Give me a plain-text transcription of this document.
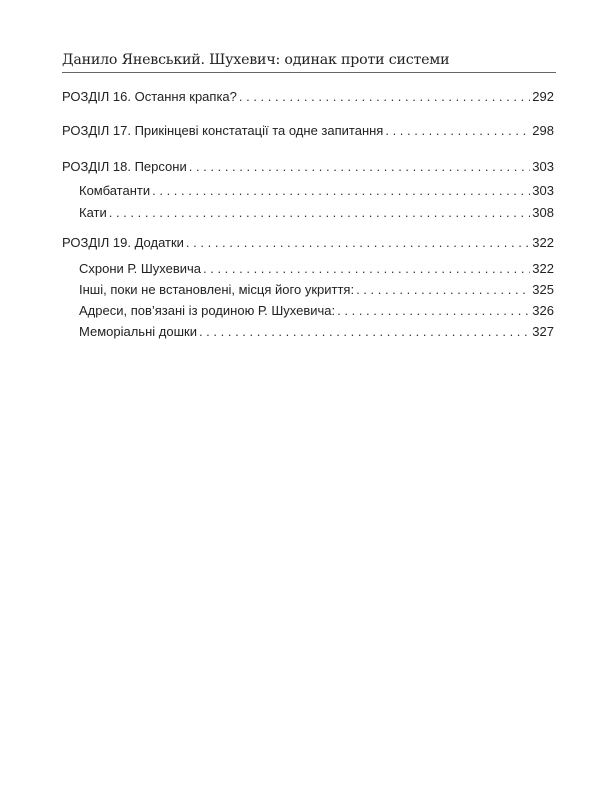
Данило Яневський. Шухевич: одинак проти системи
РОЗДІЛ 16. Остання крапка? . . .	292
РОЗДІЛ 17. Прикінцеві констатації та одне запитання . . .	298
РОЗДІЛ 18. Персони . . .	303
Комбатанти . . .	303
Кати . . .	308
РОЗДІЛ 19. Додатки . . .	322
Схрони Р. Шухевича . . .	322
Інші, поки не встановлені, місця його укриття: . . .	325
Адреси, пов’язані із родиною Р. Шухевича: . . .	326
Меморіальні дошки . . .	327
